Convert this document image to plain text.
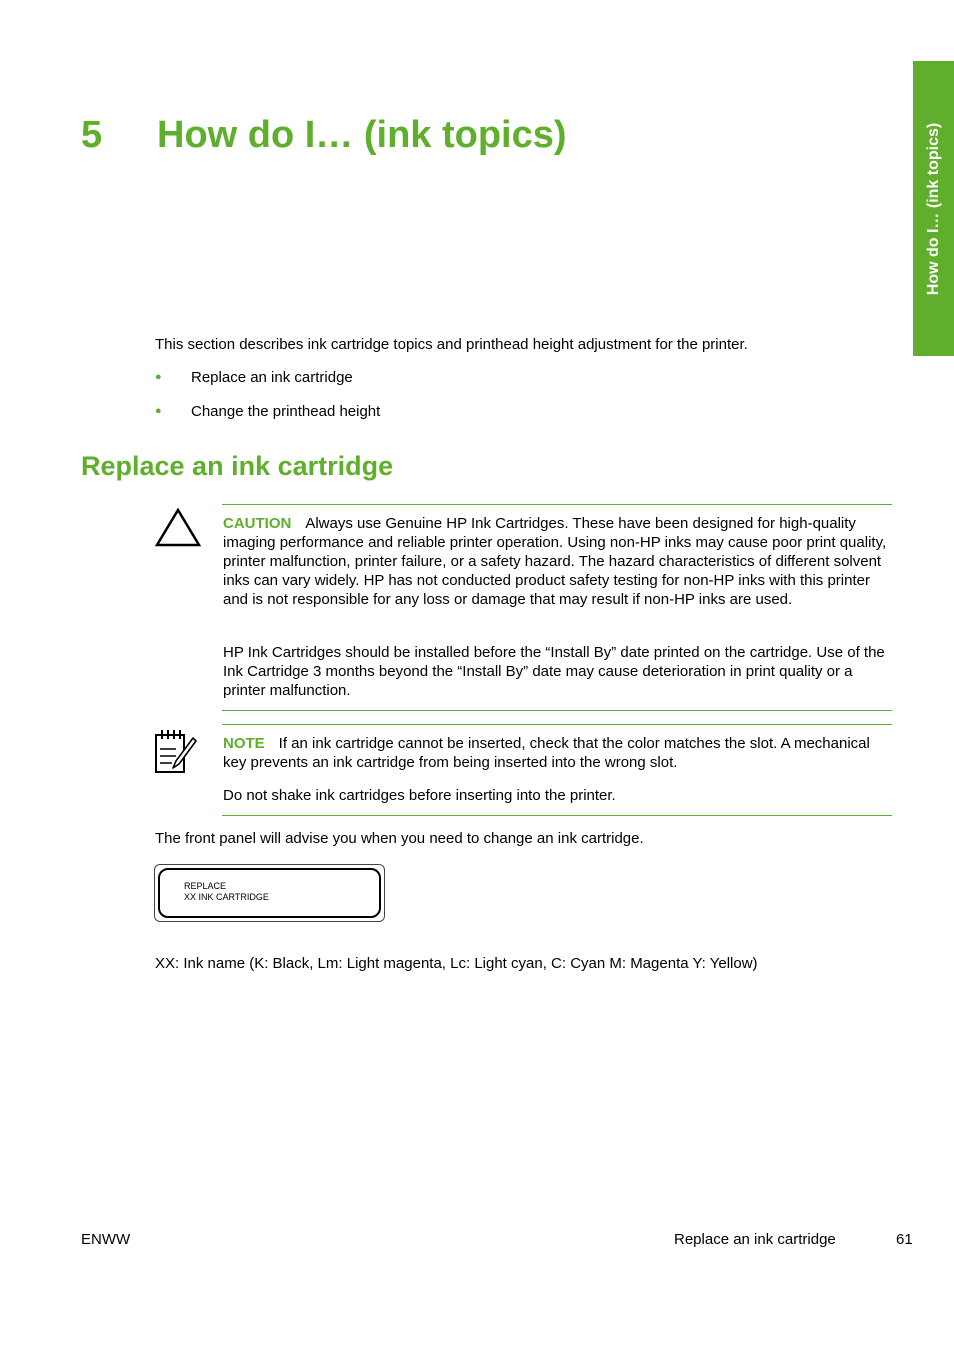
How do I… (ink topics)
5 How do I… (ink topics)

This section describes ink cartridge topics and printhead height adjustment for the printer.

● Replace an ink cartridge
● Change the printhead height
Replace an ink cartridge

CAUTION Always use Genuine HP Ink Cartridges. These have been designed for high-quality imaging performance and reliable printer operation. Using non-HP inks may cause poor print quality, printer malfunction, printer failure, or a safety hazard. The hazard characteristics of different solvent inks can vary widely. HP has not conducted product safety testing for non-HP inks with this printer and is not responsible for any loss or damage that may result if non-HP inks are used.

HP Ink Cartridges should be installed before the “Install By” date printed on the cartridge. Use of the Ink Cartridge 3 months beyond the “Install By” date may cause deterioration in print quality or a printer malfunction.

NOTE If an ink cartridge cannot be inserted, check that the color matches the slot. A mechanical key prevents an ink cartridge from being inserted into the wrong slot.

Do not shake ink cartridges before inserting into the printer.

The front panel will advise you when you need to change an ink cartridge.

REPLACE
XX INK CARTRIDGE

XX: Ink name (K: Black, Lm: Light magenta, Lc: Light cyan, C: Cyan M: Magenta Y: Yellow)

ENWW	Replace an ink cartridge	61
